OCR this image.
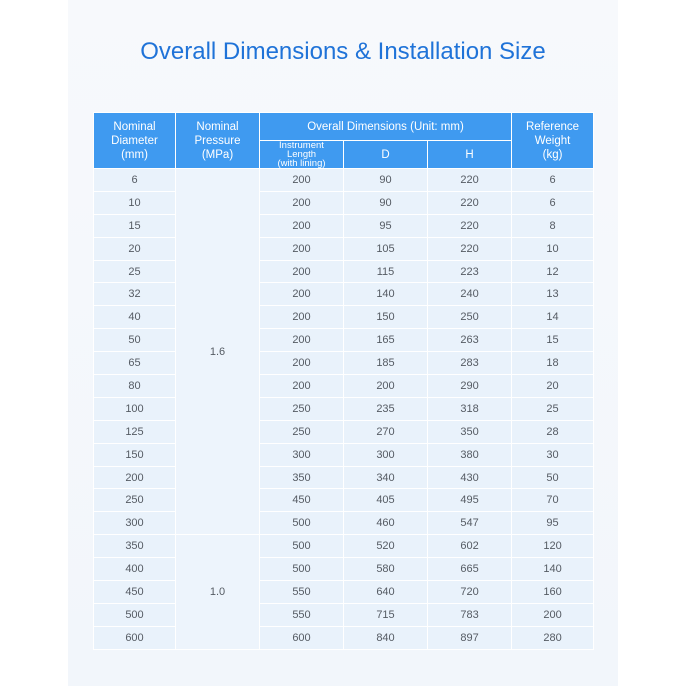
Overall Dimensions & Installation Size
Nominal
Diameter
(mm)	Nominal
Pressure
(MPa)	Overall Dimensions (Unit: mm)			Reference
Weight
(kg)
		Instrument
Length
(with lining)	D	H	
6	1.6	200	90	220	6
10		200	90	220	6
15		200	95	220	8
20		200	105	220	10
25		200	115	223	12
32		200	140	240	13
40		200	150	250	14
50		200	165	263	15
65		200	185	283	18
80		200	200	290	20
100		250	235	318	25
125		250	270	350	28
150		300	300	380	30
200		350	340	430	50
250		450	405	495	70
300		500	460	547	95
350	1.0	500	520	602	120
400		500	580	665	140
450		550	640	720	160
500		550	715	783	200
600		600	840	897	280
